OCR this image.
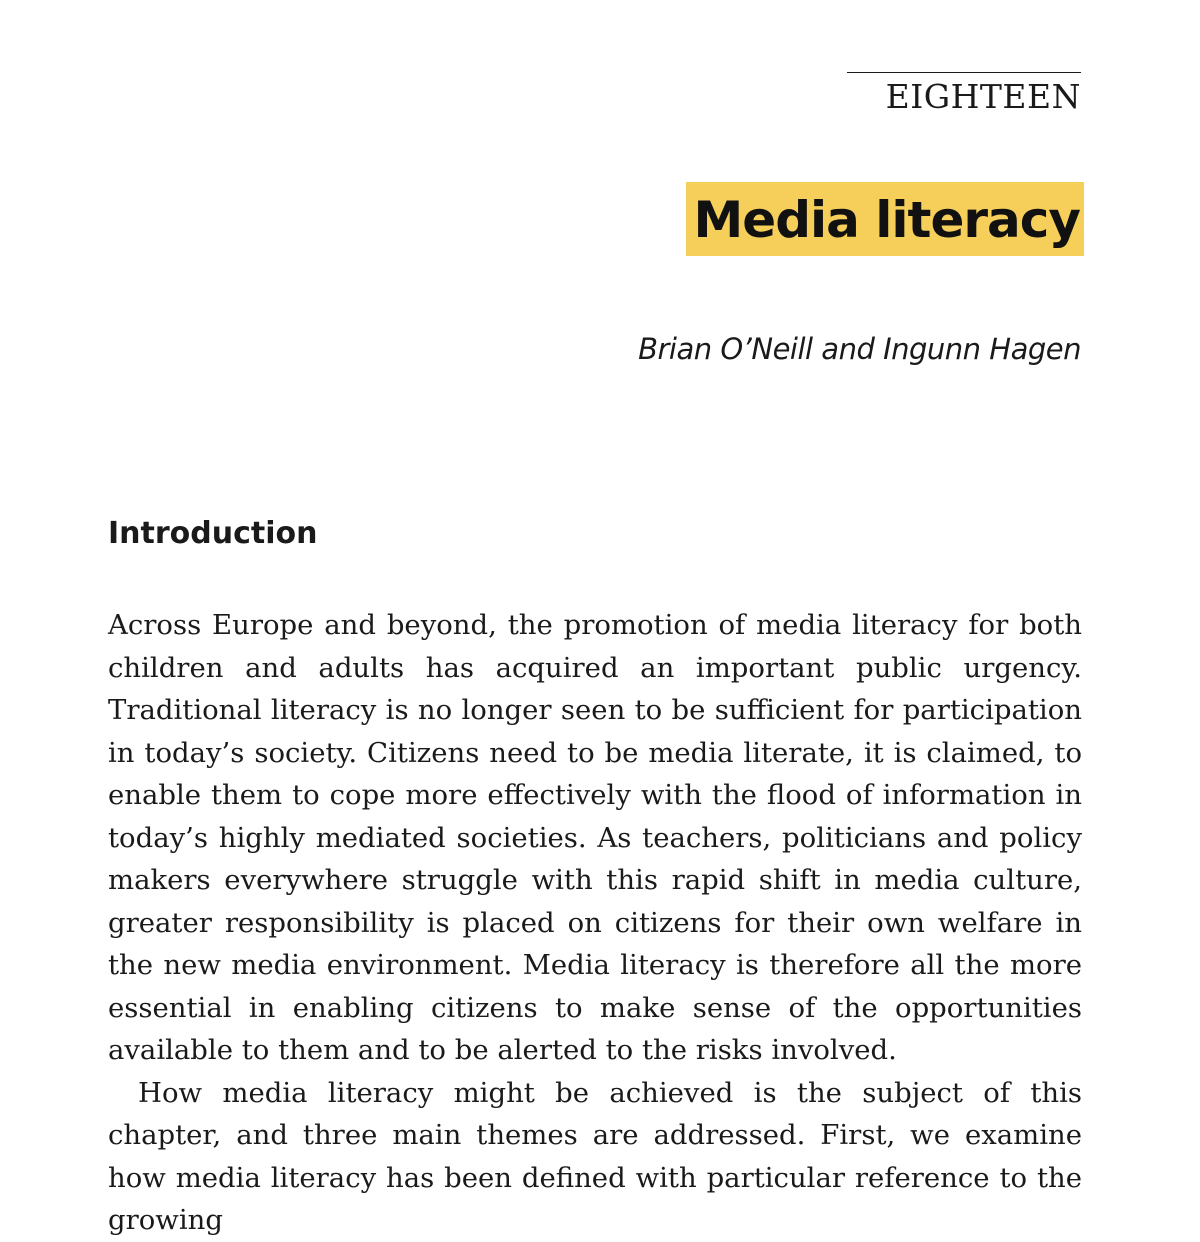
EIGHTEEN
Media literacy
Brian O’Neill and Ingunn Hagen
Introduction

Across Europe and beyond, the promotion of media literacy for both children and adults has acquired an important public urgency. Traditional literacy is no longer seen to be sufficient for participation in today’s society. Citizens need to be media literate, it is claimed, to enable them to cope more effectively with the flood of information in today’s highly mediated societies. As teachers, politicians and policy makers everywhere struggle with this rapid shift in media culture, greater responsibility is placed on citizens for their own welfare in the new media environment. Media literacy is therefore all the more essential in enabling citizens to make sense of the opportunities available to them and to be alerted to the risks involved.

How media literacy might be achieved is the subject of this chapter, and three main themes are addressed. First, we examine how media literacy has been defined with particular reference to the growing
